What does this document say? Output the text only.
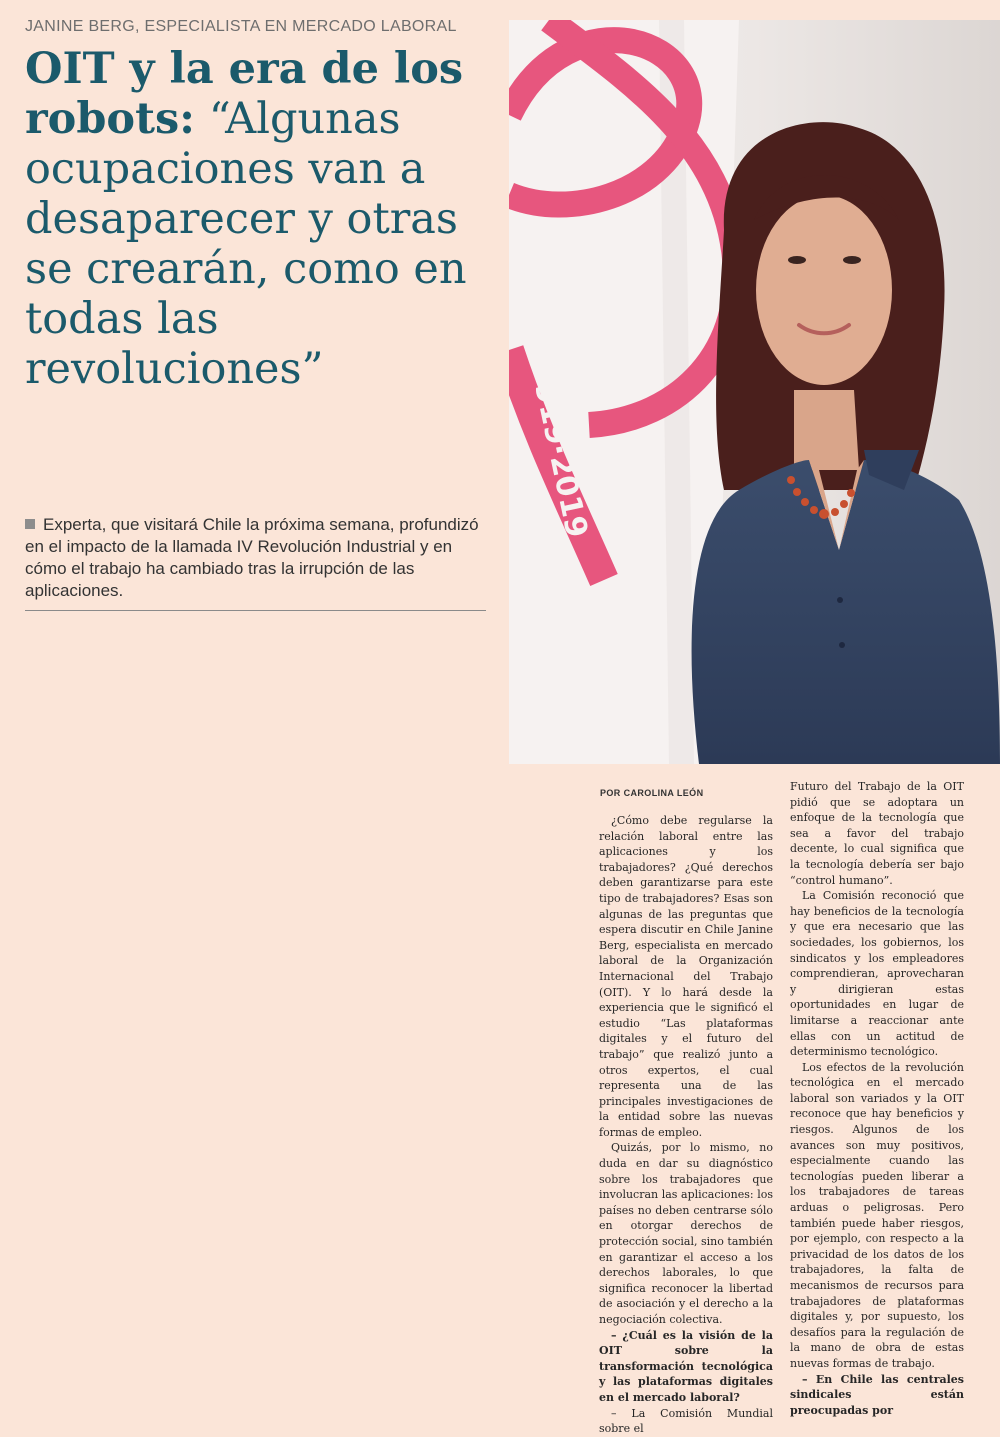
JANINE BERG, ESPECIALISTA EN MERCADO LABORAL
OIT y la era de los robots: “Algunas ocupaciones van a desaparecer y otras se crearán, como en todas las revoluciones”
Experta, que visitará Chile la próxima semana, profundizó en el impacto de la llamada IV Revolución Industrial y en cómo el trabajo ha cambiado tras la irrupción de las aplicaciones.
919·2019
POR CAROLINA LEÓN

¿Cómo debe regularse la relación laboral entre las aplicaciones y los trabajadores? ¿Qué derechos deben garantizarse para este tipo de trabajadores? Esas son algunas de las preguntas que espera discutir en Chile Janine Berg, especialista en mercado laboral de la Organización Internacional del Trabajo (OIT). Y lo hará desde la experiencia que le significó el estudio “Las plataformas digitales y el futuro del trabajo” que realizó junto a otros expertos, el cual representa una de las principales investigaciones de la entidad sobre las nuevas formas de empleo.

Quizás, por lo mismo, no duda en dar su diagnóstico sobre los trabajadores que involucran las aplicaciones: los países no deben centrarse sólo en otorgar derechos de protección social, sino también en garantizar el acceso a los derechos laborales, lo que significa reconocer la libertad de asociación y el derecho a la negociación colectiva.

– ¿Cuál es la visión de la OIT sobre la transformación tecnológica y las plataformas digitales en el mercado laboral?

– La Comisión Mundial sobre el

Futuro del Trabajo de la OIT pidió que se adoptara un enfoque de la tecnología que sea a favor del trabajo decente, lo cual significa que la tecnología debería ser bajo “control humano”.

La Comisión reconoció que hay beneficios de la tecnología y que era necesario que las sociedades, los gobiernos, los sindicatos y los empleadores comprendieran, aprovecharan y dirigieran estas oportunidades en lugar de limitarse a reaccionar ante ellas con un actitud de determinismo tecnológico.

Los efectos de la revolución tecnológica en el mercado laboral son variados y la OIT reconoce que hay beneficios y riesgos. Algunos de los avances son muy positivos, especialmente cuando las tecnologías pueden liberar a los trabajadores de tareas arduas o peligrosas. Pero también puede haber riesgos, por ejemplo, con respecto a la privacidad de los datos de los trabajadores, la falta de mecanismos de recursos para trabajadores de plataformas digitales y, por supuesto, los desafíos para la regulación de la mano de obra de estas nuevas formas de trabajo.

– En Chile las centrales sindicales están preocupadas por
